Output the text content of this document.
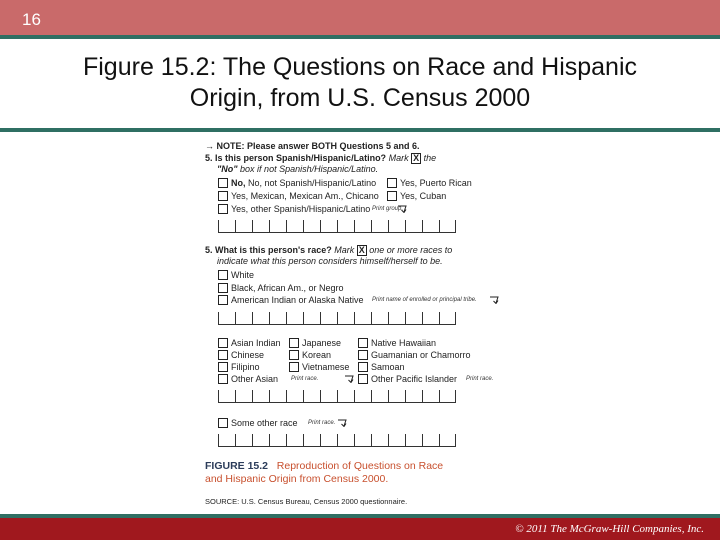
16
Figure 15.2: The Questions on Race and Hispanic
Origin, from U.S. Census 2000
→ NOTE: Please answer BOTH Questions 5 and 6.
5. Is this person Spanish/Hispanic/Latino? Mark X the
"No" box if not Spanish/Hispanic/Latino.
No, No, not Spanish/Hispanic/Latino
Yes, Mexican, Mexican Am., Chicano
Yes, other Spanish/Hispanic/Latino Print group.
Yes, Puerto Rican
Yes, Cuban
5. What is this person's race? Mark X one or more races to
indicate what this person considers himself/herself to be.
White
Black, African Am., or Negro
American Indian or Alaska Native Print name of enrolled or principal tribe.
Asian Indian
Chinese
Filipino
Other Asian Print race.
Japanese
Korean
Vietnamese
Native Hawaiian
Guamanian or Chamorro
Samoan
Other Pacific Islander Print race.
Some other race Print race.
FIGURE 15.2 Reproduction of Questions on Race
and Hispanic Origin from Census 2000.
SOURCE: U.S. Census Bureau, Census 2000 questionnaire.
© 2011 The McGraw-Hill Companies, Inc.
